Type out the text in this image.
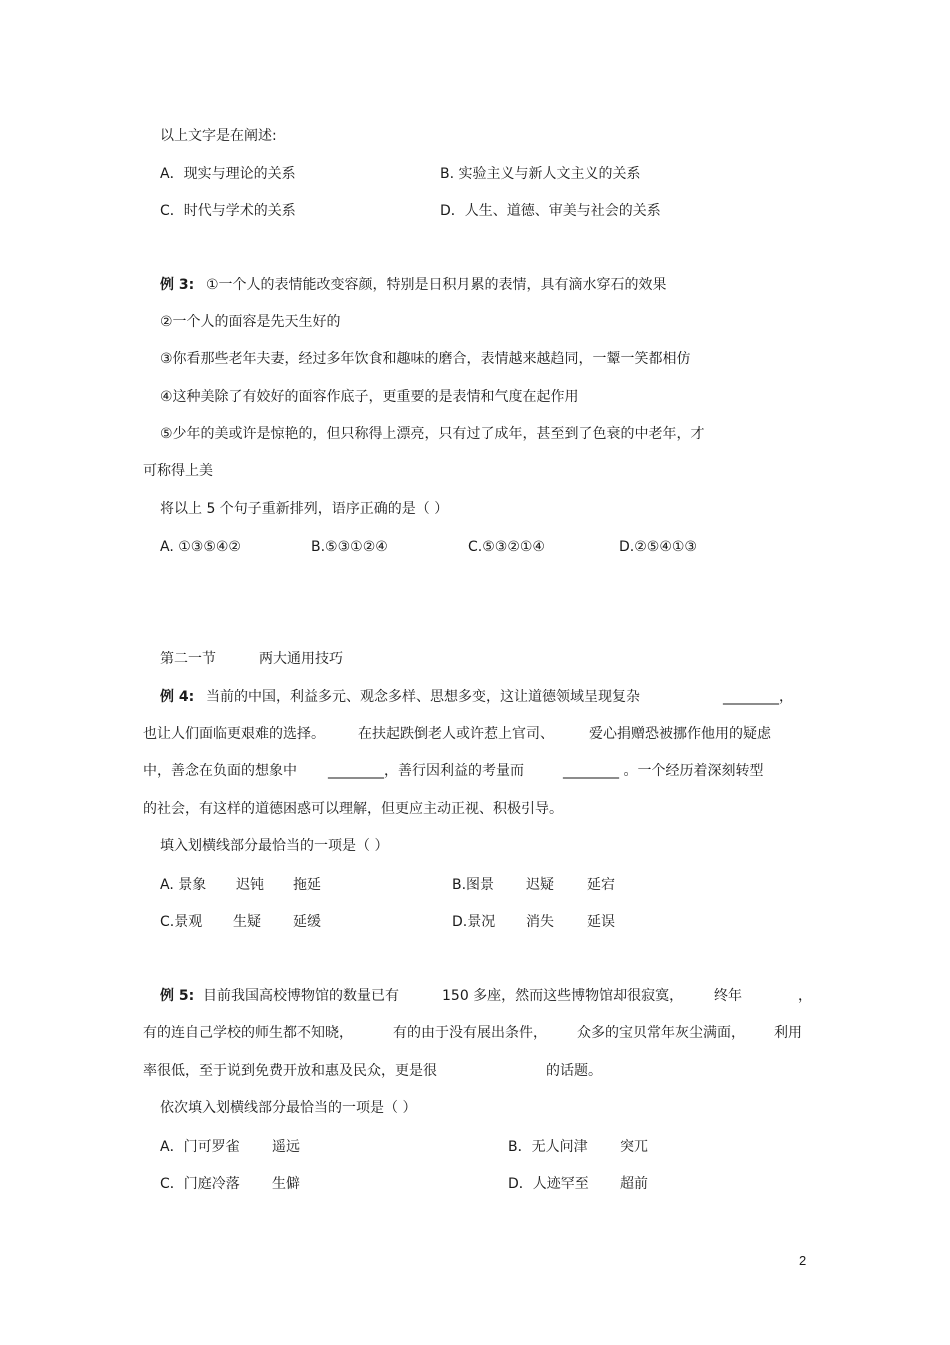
以上文字是在阐述:
A．现实与理论的关系	B. 实验主义与新人文主义的关系
C．时代与学术的关系	D．人生、道德、审美与社会的关系
例 3: ①一个人的表情能改变容颜，特别是日积月累的表情，具有滴水穿石的效果
②一个人的面容是先天生好的
③你看那些老年夫妻，经过多年饮食和趣味的磨合，表情越来越趋同，一颦一笑都相仿
④这种美除了有姣好的面容作底子，更重要的是表情和气度在起作用
⑤少年的美或许是惊艳的，但只称得上漂亮，只有过了成年，甚至到了色衰的中老年，才
可称得上美
将以上 5 个句子重新排列，语序正确的是（ ）
A. ①③⑤④②	B.⑤③①②④	C.⑤③②①④	D.②⑤④①③
第二一节	两大通用技巧
例 4: 当前的中国，利益多元、观念多样、思想多变，这让道德领域呈现复杂	________，
也让人们面临更艰难的选择。 在扶起跌倒老人或许惹上官司、	爱心捐赠恐被挪作他用的疑虑
中，善念在负面的想象中 ________，善行因利益的考量而	________ 。一个经历着深刻转型
的社会，有这样的道德困惑可以理解，但更应主动正视、积极引导。
填入划横线部分最恰当的一项是（ ）
A. 景象 迟钝 拖延	B.图景 迟疑 延宕
C.景观 生疑 延缓	D.景况 消失 延误
例 5: 目前我国高校博物馆的数量已有	150 多座，然而这些博物馆却很寂寞， 终年	，
有的连自己学校的师生都不知晓，	有的由于没有展出条件， 众多的宝贝常年灰尘满面， 利用
率很低，至于说到免费开放和惠及民众，更是很	的话题。
依次填入划横线部分最恰当的一项是（ ）
A．门可罗雀 遥远	B．无人问津 突兀
C．门庭冷落 生僻	D．人迹罕至 超前
2
